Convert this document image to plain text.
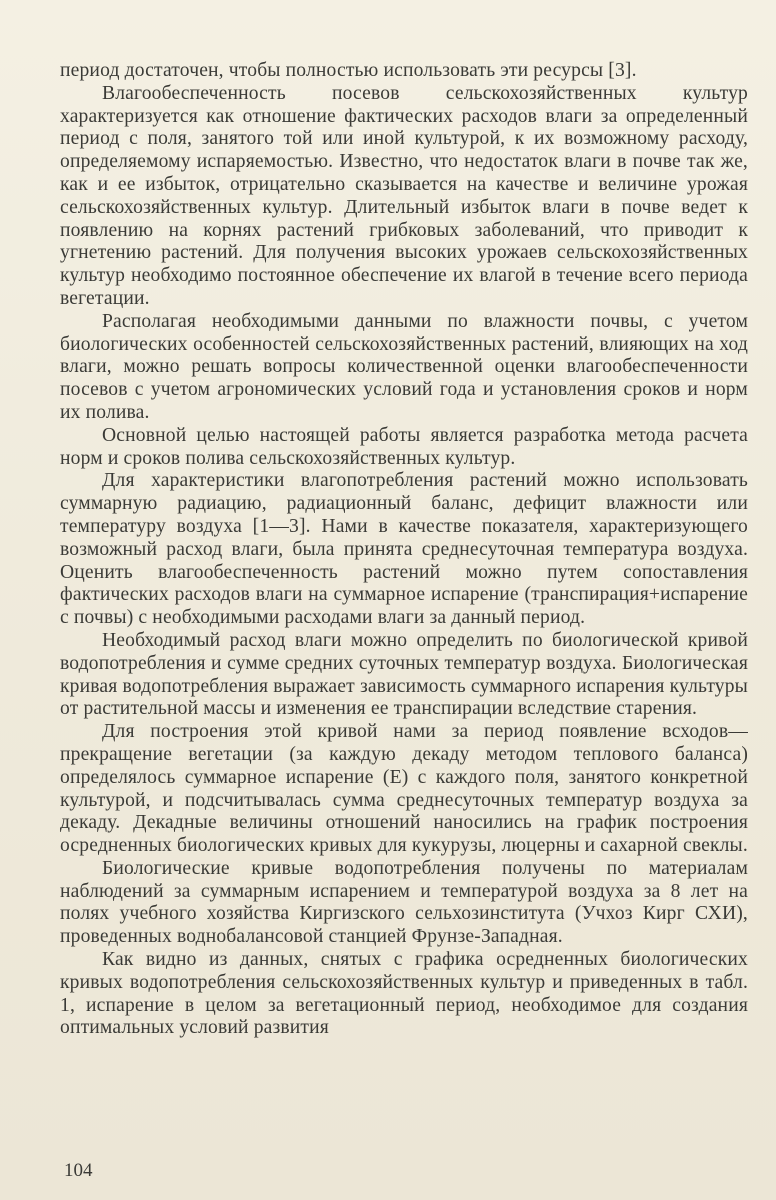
период достаточен, чтобы полностью использовать эти ресурсы [3].

Влагообеспеченность посевов сельскохозяйственных культур характеризуется как отношение фактических расходов влаги за определенный период с поля, занятого той или иной культурой, к их возможному расходу, определяемому испаряемостью. Известно, что недостаток влаги в почве так же, как и ее избыток, отрицательно сказывается на качестве и величине урожая сельскохозяйственных культур. Длительный избыток влаги в почве ведет к появлению на корнях растений грибковых заболеваний, что приводит к угнетению растений. Для получения высоких урожаев сельскохозяйственных культур необходимо постоянное обеспечение их влагой в течение всего периода вегетации.

Располагая необходимыми данными по влажности почвы, с учетом биологических особенностей сельскохозяйственных растений, влияющих на ход влаги, можно решать вопросы количественной оценки влагообеспеченности посевов с учетом агрономических условий года и установления сроков и норм их полива.

Основной целью настоящей работы является разработка метода расчета норм и сроков полива сельскохозяйственных культур.

Для характеристики влагопотребления растений можно использовать суммарную радиацию, радиационный баланс, дефицит влажности или температуру воздуха [1—3]. Нами в качестве показателя, характеризующего возможный расход влаги, была принята среднесуточная температура воздуха. Оценить влагообеспеченность растений можно путем сопоставления фактических расходов влаги на суммарное испарение (транспирация+испарение с почвы) с необходимыми расходами влаги за данный период.

Необходимый расход влаги можно определить по биологической кривой водопотребления и сумме средних суточных температур воздуха. Биологическая кривая водопотребления выражает зависимость суммарного испарения культуры от растительной массы и изменения ее транспирации вследствие старения.

Для построения этой кривой нами за период появление всходов—прекращение вегетации (за каждую декаду методом теплового баланса) определялось суммарное испарение (E) с каждого поля, занятого конкретной культурой, и подсчитывалась сумма среднесуточных температур воздуха за декаду. Декадные величины отношений наносились на график построения осредненных биологических кривых для кукурузы, люцерны и сахарной свеклы.

Биологические кривые водопотребления получены по материалам наблюдений за суммарным испарением и температурой воздуха за 8 лет на полях учебного хозяйства Киргизского сельхозинститута (Учхоз Кирг СХИ), проведенных воднобалансовой станцией Фрунзе-Западная.

Как видно из данных, снятых с графика осредненных биологических кривых водопотребления сельскохозяйственных культур и приведенных в табл. 1, испарение в целом за вегетационный период, необходимое для создания оптимальных условий развития

104
